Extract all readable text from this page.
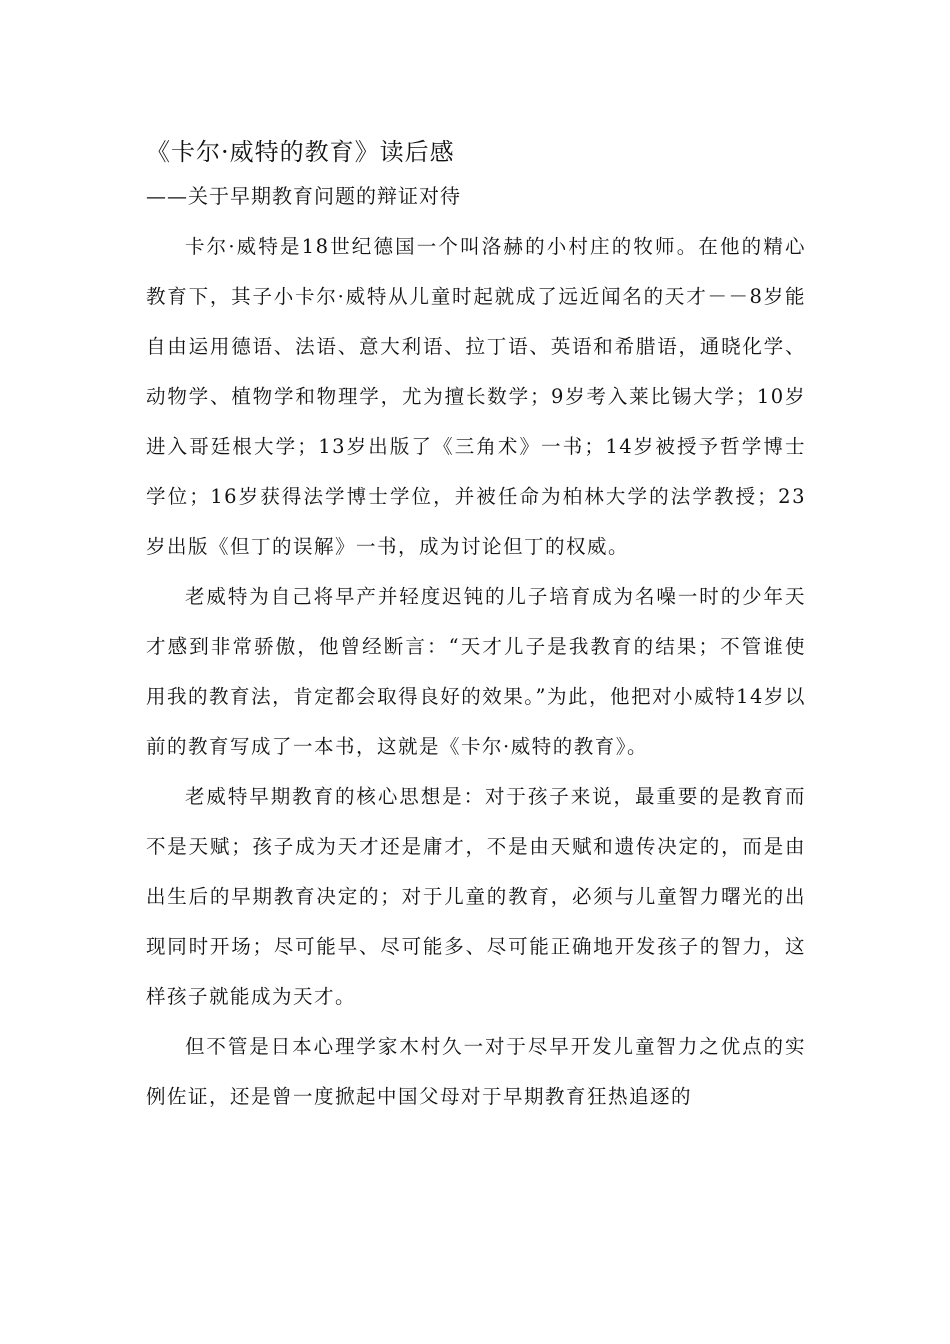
《卡尔·威特的教育》读后感
——关于早期教育问题的辩证对待

卡尔·威特是18世纪德国一个叫洛赫的小村庄的牧师。在他的精心教育下，其子小卡尔·威特从儿童时起就成了远近闻名的天才－－8岁能自由运用德语、法语、意大利语、拉丁语、英语和希腊语，通晓化学、动物学、植物学和物理学，尤为擅长数学；9岁考入莱比锡大学；10岁进入哥廷根大学；13岁出版了《三角术》一书；14岁被授予哲学博士学位；16岁获得法学博士学位，并被任命为柏林大学的法学教授；23岁出版《但丁的误解》一书，成为讨论但丁的权威。

老威特为自己将早产并轻度迟钝的儿子培育成为名噪一时的少年天才感到非常骄傲，他曾经断言：“天才儿子是我教育的结果；不管谁使用我的教育法，肯定都会取得良好的效果。”为此，他把对小威特14岁以前的教育写成了一本书，这就是《卡尔·威特的教育》。

老威特早期教育的核心思想是：对于孩子来说，最重要的是教育而不是天赋；孩子成为天才还是庸才，不是由天赋和遗传决定的，而是由出生后的早期教育决定的；对于儿童的教育，必须与儿童智力曙光的出现同时开场；尽可能早、尽可能多、尽可能正确地开发孩子的智力，这样孩子就能成为天才。

但不管是日本心理学家木村久一对于尽早开发儿童智力之优点的实例佐证，还是曾一度掀起中国父母对于早期教育狂热追逐的
